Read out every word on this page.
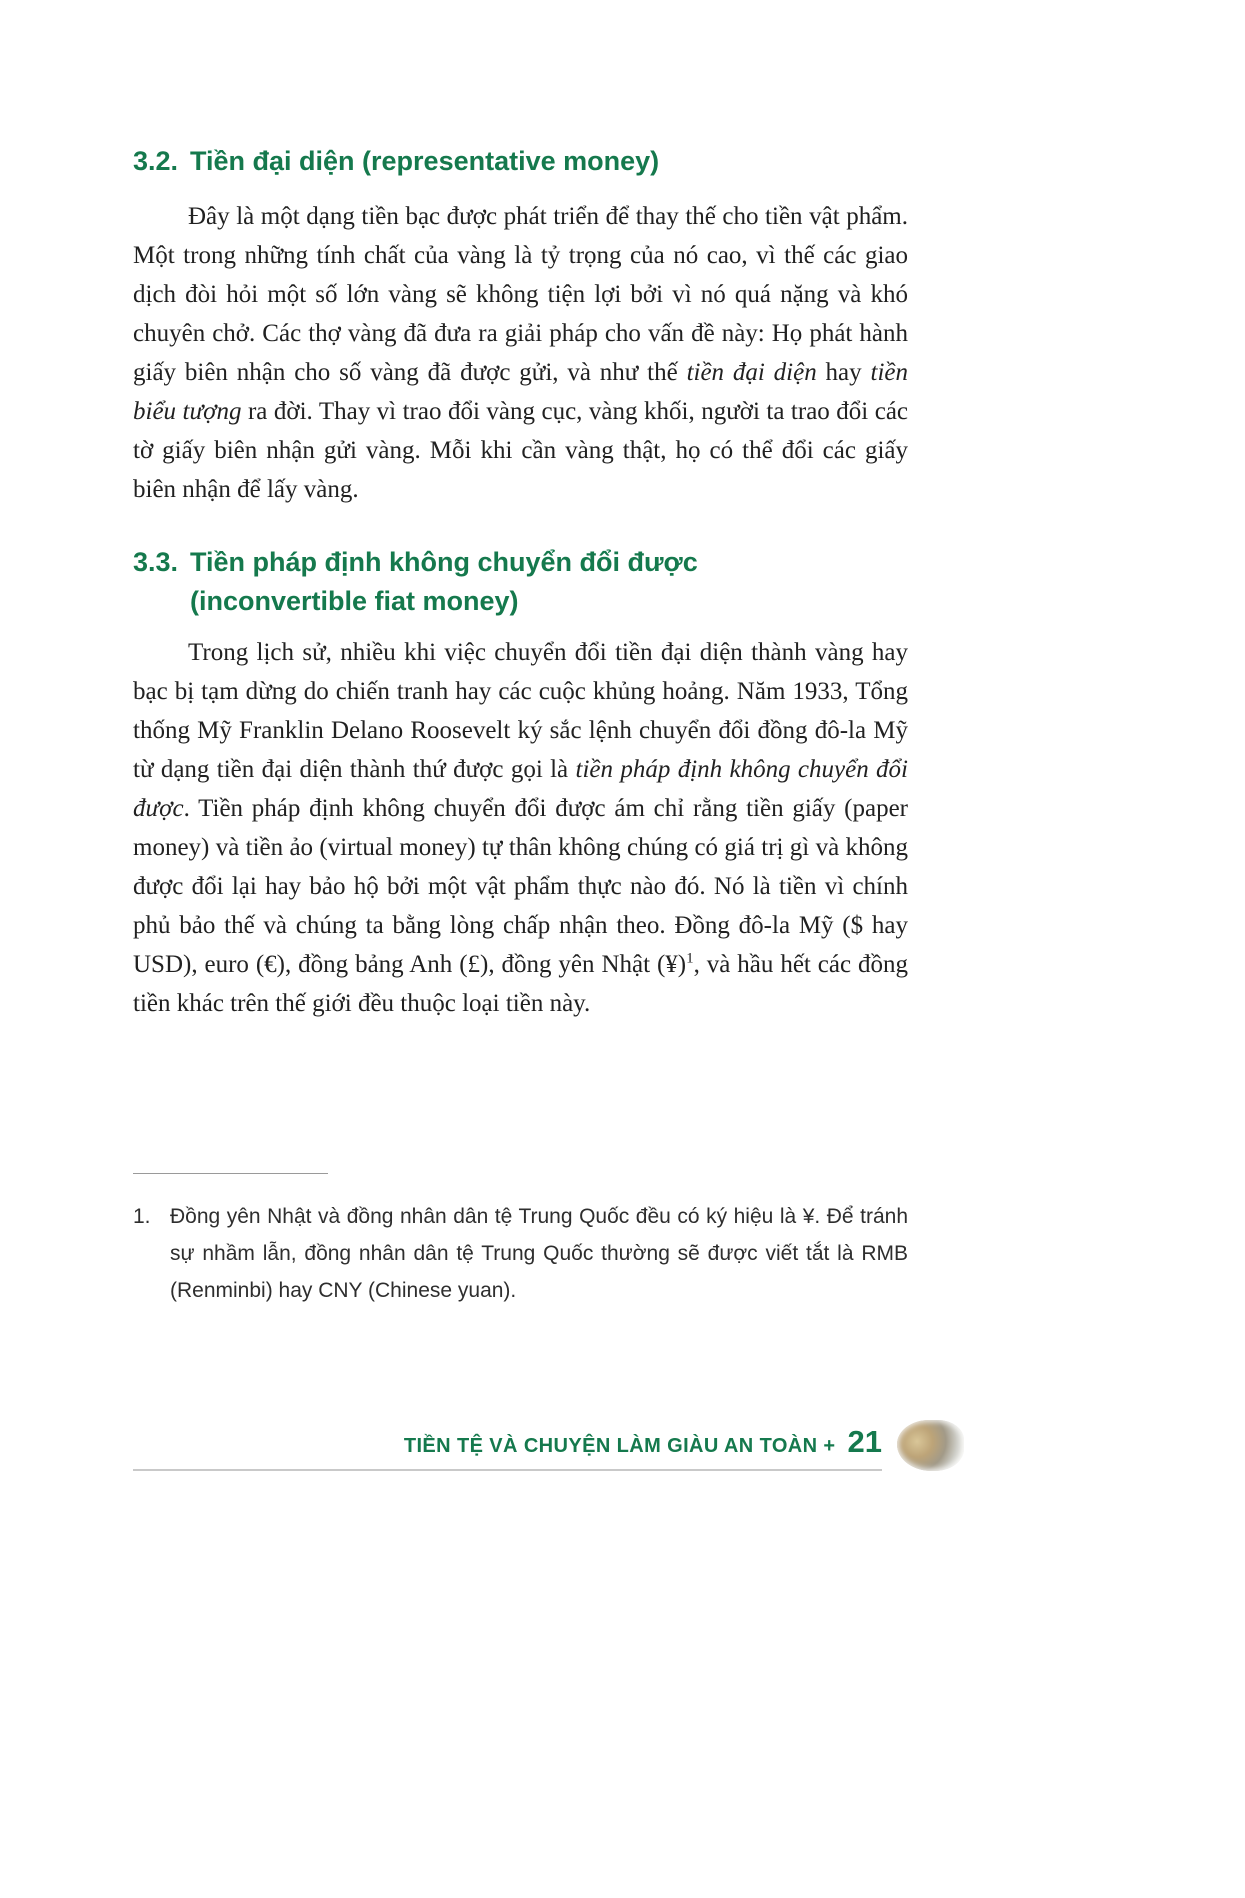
3.2. Tiền đại diện (representative money)

Đây là một dạng tiền bạc được phát triển để thay thế cho tiền vật phẩm. Một trong những tính chất của vàng là tỷ trọng của nó cao, vì thế các giao dịch đòi hỏi một số lớn vàng sẽ không tiện lợi bởi vì nó quá nặng và khó chuyên chở. Các thợ vàng đã đưa ra giải pháp cho vấn đề này: Họ phát hành giấy biên nhận cho số vàng đã được gửi, và như thế tiền đại diện hay tiền biểu tượng ra đời. Thay vì trao đổi vàng cục, vàng khối, người ta trao đổi các tờ giấy biên nhận gửi vàng. Mỗi khi cần vàng thật, họ có thể đổi các giấy biên nhận để lấy vàng.

3.3. Tiền pháp định không chuyển đổi được
(inconvertible fiat money)

Trong lịch sử, nhiều khi việc chuyển đổi tiền đại diện thành vàng hay bạc bị tạm dừng do chiến tranh hay các cuộc khủng hoảng. Năm 1933, Tổng thống Mỹ Franklin Delano Roosevelt ký sắc lệnh chuyển đổi đồng đô-la Mỹ từ dạng tiền đại diện thành thứ được gọi là tiền pháp định không chuyển đổi được. Tiền pháp định không chuyển đổi được ám chỉ rằng tiền giấy (paper money) và tiền ảo (virtual money) tự thân không chúng có giá trị gì và không được đổi lại hay bảo hộ bởi một vật phẩm thực nào đó. Nó là tiền vì chính phủ bảo thế và chúng ta bằng lòng chấp nhận theo. Đồng đô-la Mỹ ($ hay USD), euro (€), đồng bảng Anh (£), đồng yên Nhật (¥)$^1$, và hầu hết các đồng tiền khác trên thế giới đều thuộc loại tiền này.

1. Đồng yên Nhật và đồng nhân dân tệ Trung Quốc đều có ký hiệu là ¥. Để tránh sự nhầm lẫn, đồng nhân dân tệ Trung Quốc thường sẽ được viết tắt là RMB (Renminbi) hay CNY (Chinese yuan).
TIỀN TỆ VÀ CHUYỆN LÀM GIÀU AN TOÀN + 21
